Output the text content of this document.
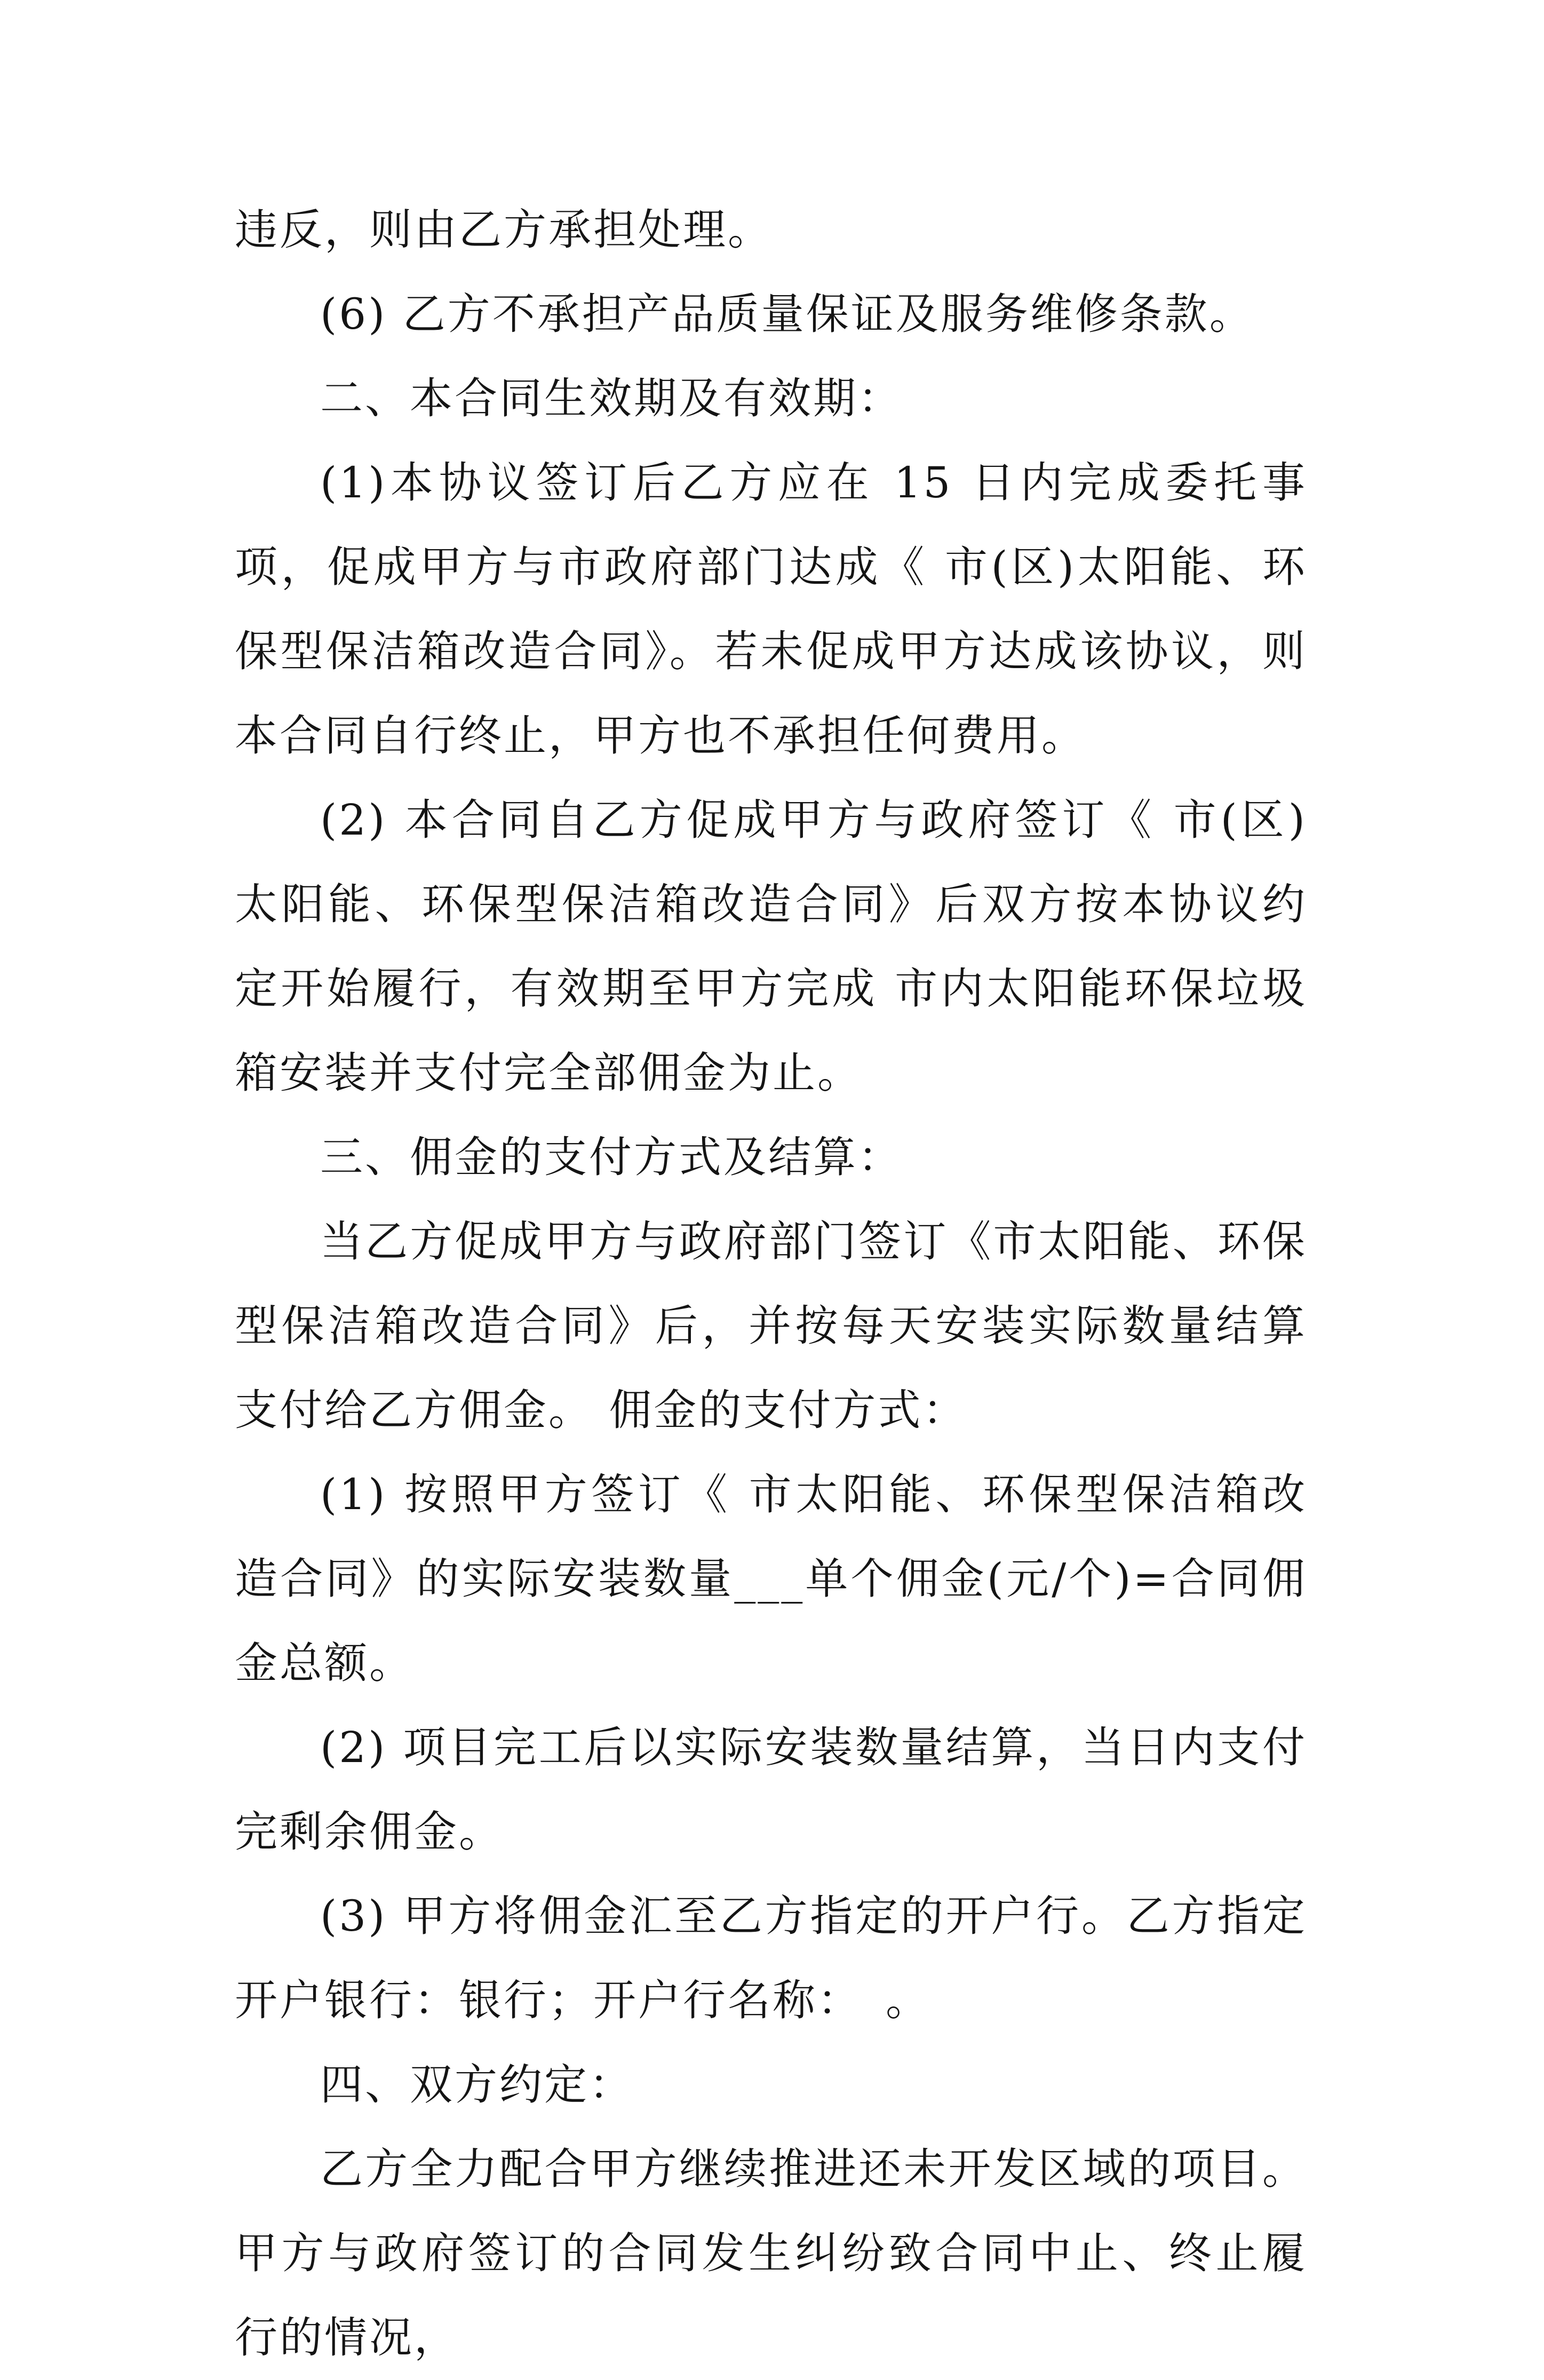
违反，则由乙方承担处理。

(6) 乙方不承担产品质量保证及服务维修条款。

二、本合同生效期及有效期：

(1)本协议签订后乙方应在 15 日内完成委托事项，促成甲方与市政府部门达成《 市(区)太阳能、环保型保洁箱改造合同》。若未促成甲方达成该协议，则本合同自行终止，甲方也不承担任何费用。

(2) 本合同自乙方促成甲方与政府签订《 市(区)太阳能、环保型保洁箱改造合同》后双方按本协议约定开始履行，有效期至甲方完成 市内太阳能环保垃圾箱安装并支付完全部佣金为止。

三、佣金的支付方式及结算：

当乙方促成甲方与政府部门签订《市太阳能、环保型保洁箱改造合同》后，并按每天安装实际数量结算支付给乙方佣金。 佣金的支付方式：

(1) 按照甲方签订《 市太阳能、环保型保洁箱改造合同》的实际安装数量___单个佣金(元/个)=合同佣金总额。

(2) 项目完工后以实际安装数量结算，当日内支付完剩余佣金。

(3) 甲方将佣金汇至乙方指定的开户行。乙方指定开户银行：银行；开户行名称：　。

四、双方约定：

乙方全力配合甲方继续推进还未开发区域的项目。甲方与政府签订的合同发生纠纷致合同中止、终止履行的情况，
